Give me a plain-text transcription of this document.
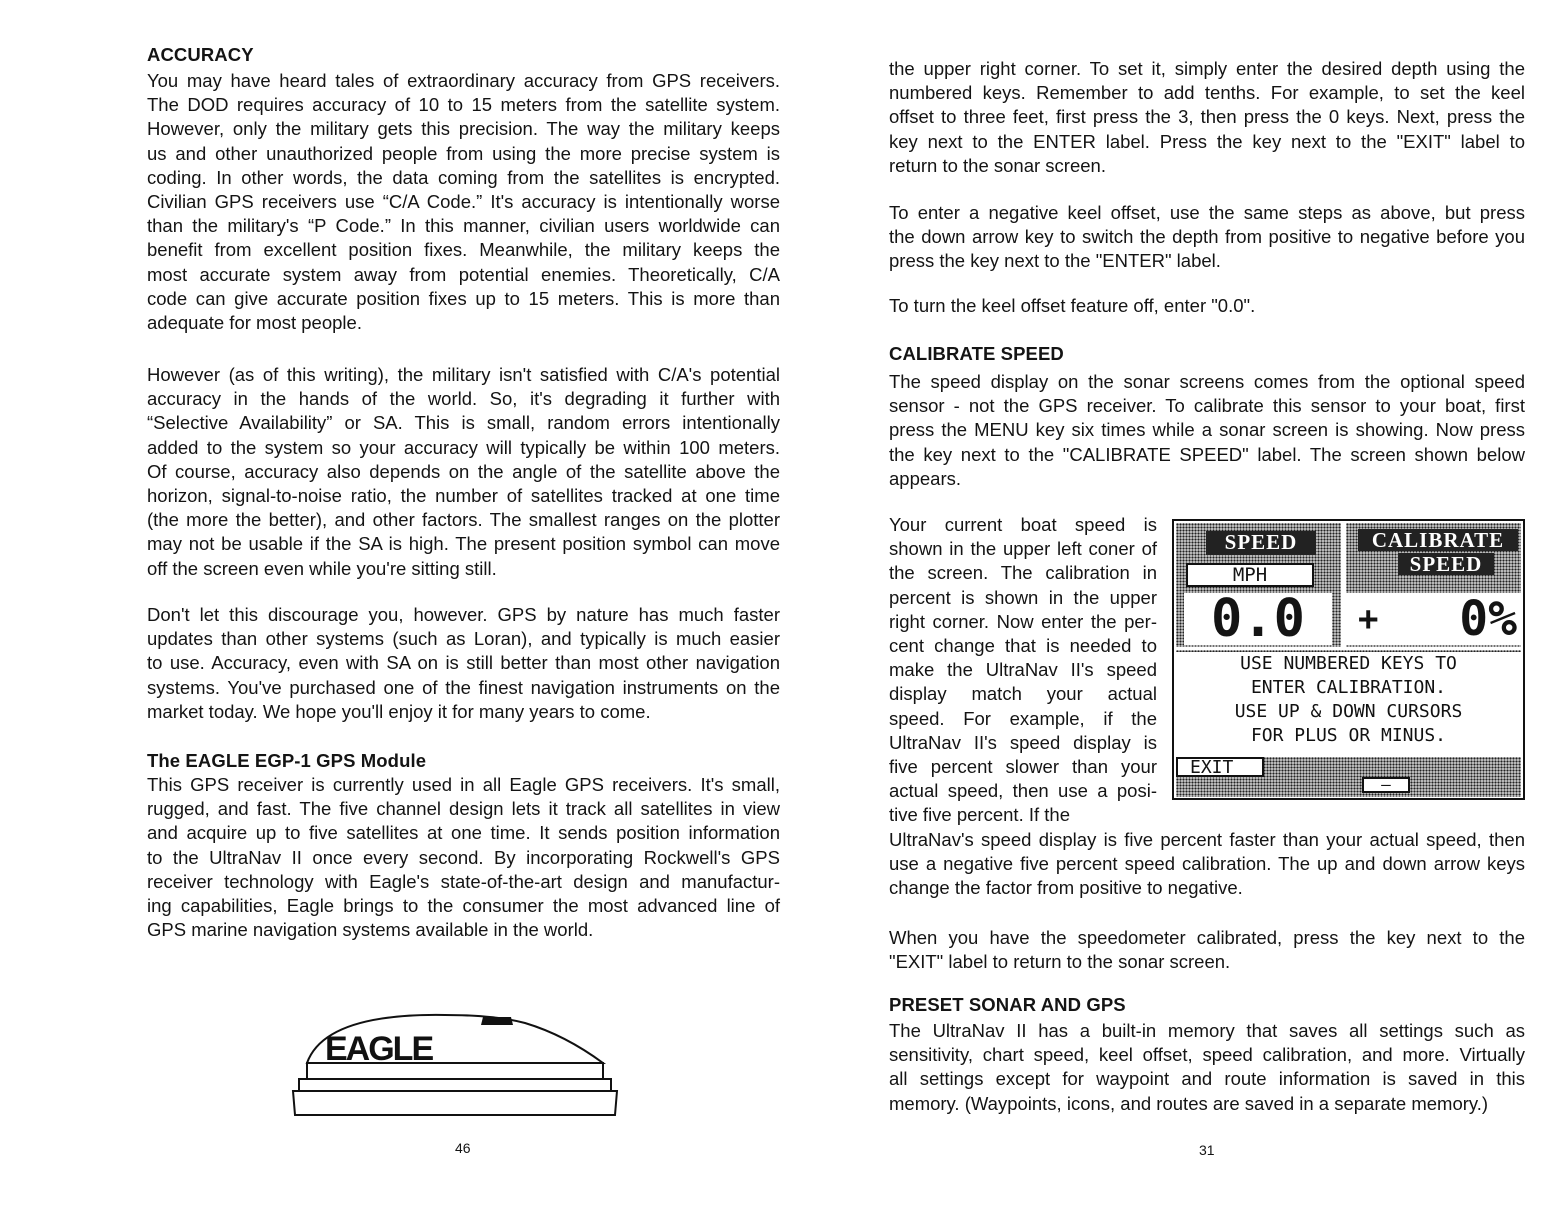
ACCURACY
You may have heard tales of extraordinary accuracy from GPS receivers.
The DOD requires accuracy of 10 to 15 meters from the satellite system.
However, only the military gets this precision. The way the military keeps
us and other unauthorized people from using the more precise system is
coding. In other words, the data coming from the satellites is encrypted.
Civilian GPS receivers use “C/A Code.” It's accuracy is intentionally worse
than the military's “P Code.” In this manner, civilian users worldwide can
benefit from excellent position fixes. Meanwhile, the military keeps the
most accurate system away from potential enemies. Theoretically, C/A
code can give accurate position fixes up to 15 meters. This is more than
adequate for most people.
However (as of this writing), the military isn't satisfied with C/A's potential
accuracy in the hands of the world. So, it's degrading it further with
“Selective Availability” or SA. This is small, random errors intentionally
added to the system so your accuracy will typically be within 100 meters.
Of course, accuracy also depends on the angle of the satellite above the
horizon, signal-to-noise ratio, the number of satellites tracked at one time
(the more the better), and other factors. The smallest ranges on the plotter
may not be usable if the SA is high. The present position symbol can move
off the screen even while you're sitting still.
Don't let this discourage you, however. GPS by nature has much faster
updates than other systems (such as Loran), and typically is much easier
to use. Accuracy, even with SA on is still better than most other navigation
systems. You've purchased one of the finest navigation instruments on the
market today. We hope you'll enjoy it for many years to come.
The EAGLE EGP-1 GPS Module
This GPS receiver is currently used in all Eagle GPS receivers. It's small,
rugged, and fast. The five channel design lets it track all satellites in view
and acquire up to five satellites at one time. It sends position information
to the UltraNav II once every second. By incorporating Rockwell's GPS
receiver technology with Eagle's state-of-the-art design and manufactur-
ing capabilities, Eagle brings to the consumer the most advanced line of
GPS marine navigation systems available in the world.
EAGLE
46
the upper right corner. To set it, simply enter the desired depth using the
numbered keys. Remember to add tenths. For example, to set the keel
offset to three feet, first press the 3, then press the 0 keys. Next, press the
key next to the ENTER label. Press the key next to the "EXIT" label to
return to the sonar screen.
To enter a negative keel offset, use the same steps as above, but press
the down arrow key to switch the depth from positive to negative before you
press the key next to the "ENTER" label.
To turn the keel offset feature off, enter "0.0".
CALIBRATE SPEED
The speed display on the sonar screens comes from the optional speed
sensor - not the GPS receiver. To calibrate this sensor to your boat, first
press the MENU key six times while a sonar screen is showing. Now press
the key next to the "CALIBRATE SPEED" label. The screen shown below
appears.
Your current boat speed is
shown in the upper left coner of
the screen. The calibration in
percent is shown in the upper
right corner. Now enter the per-
cent change that is needed to
make the UltraNav II's speed
display match your actual
speed. For example, if the
UltraNav II's speed display is
five percent slower than your
actual speed, then use a posi-
tive five percent. If the
UltraNav's speed display is five percent faster than your actual speed, then
use a negative five percent speed calibration. The up and down arrow keys
change the factor from positive to negative.
When you have the speedometer calibrated, press the key next to the
"EXIT" label to return to the sonar screen.
PRESET SONAR AND GPS
The UltraNav II has a built-in memory that saves all settings such as
sensitivity, chart speed, keel offset, speed calibration, and more. Virtually
all settings except for waypoint and route information is saved in this
memory. (Waypoints, icons, and routes are saved in a separate memory.)
31
SPEED
MPH
0.0
CALIBRATE
SPEED
+ 0%
USE NUMBERED KEYS TO
ENTER CALIBRATION.
USE UP & DOWN CURSORS
FOR PLUS OR MINUS.
EXIT
–
